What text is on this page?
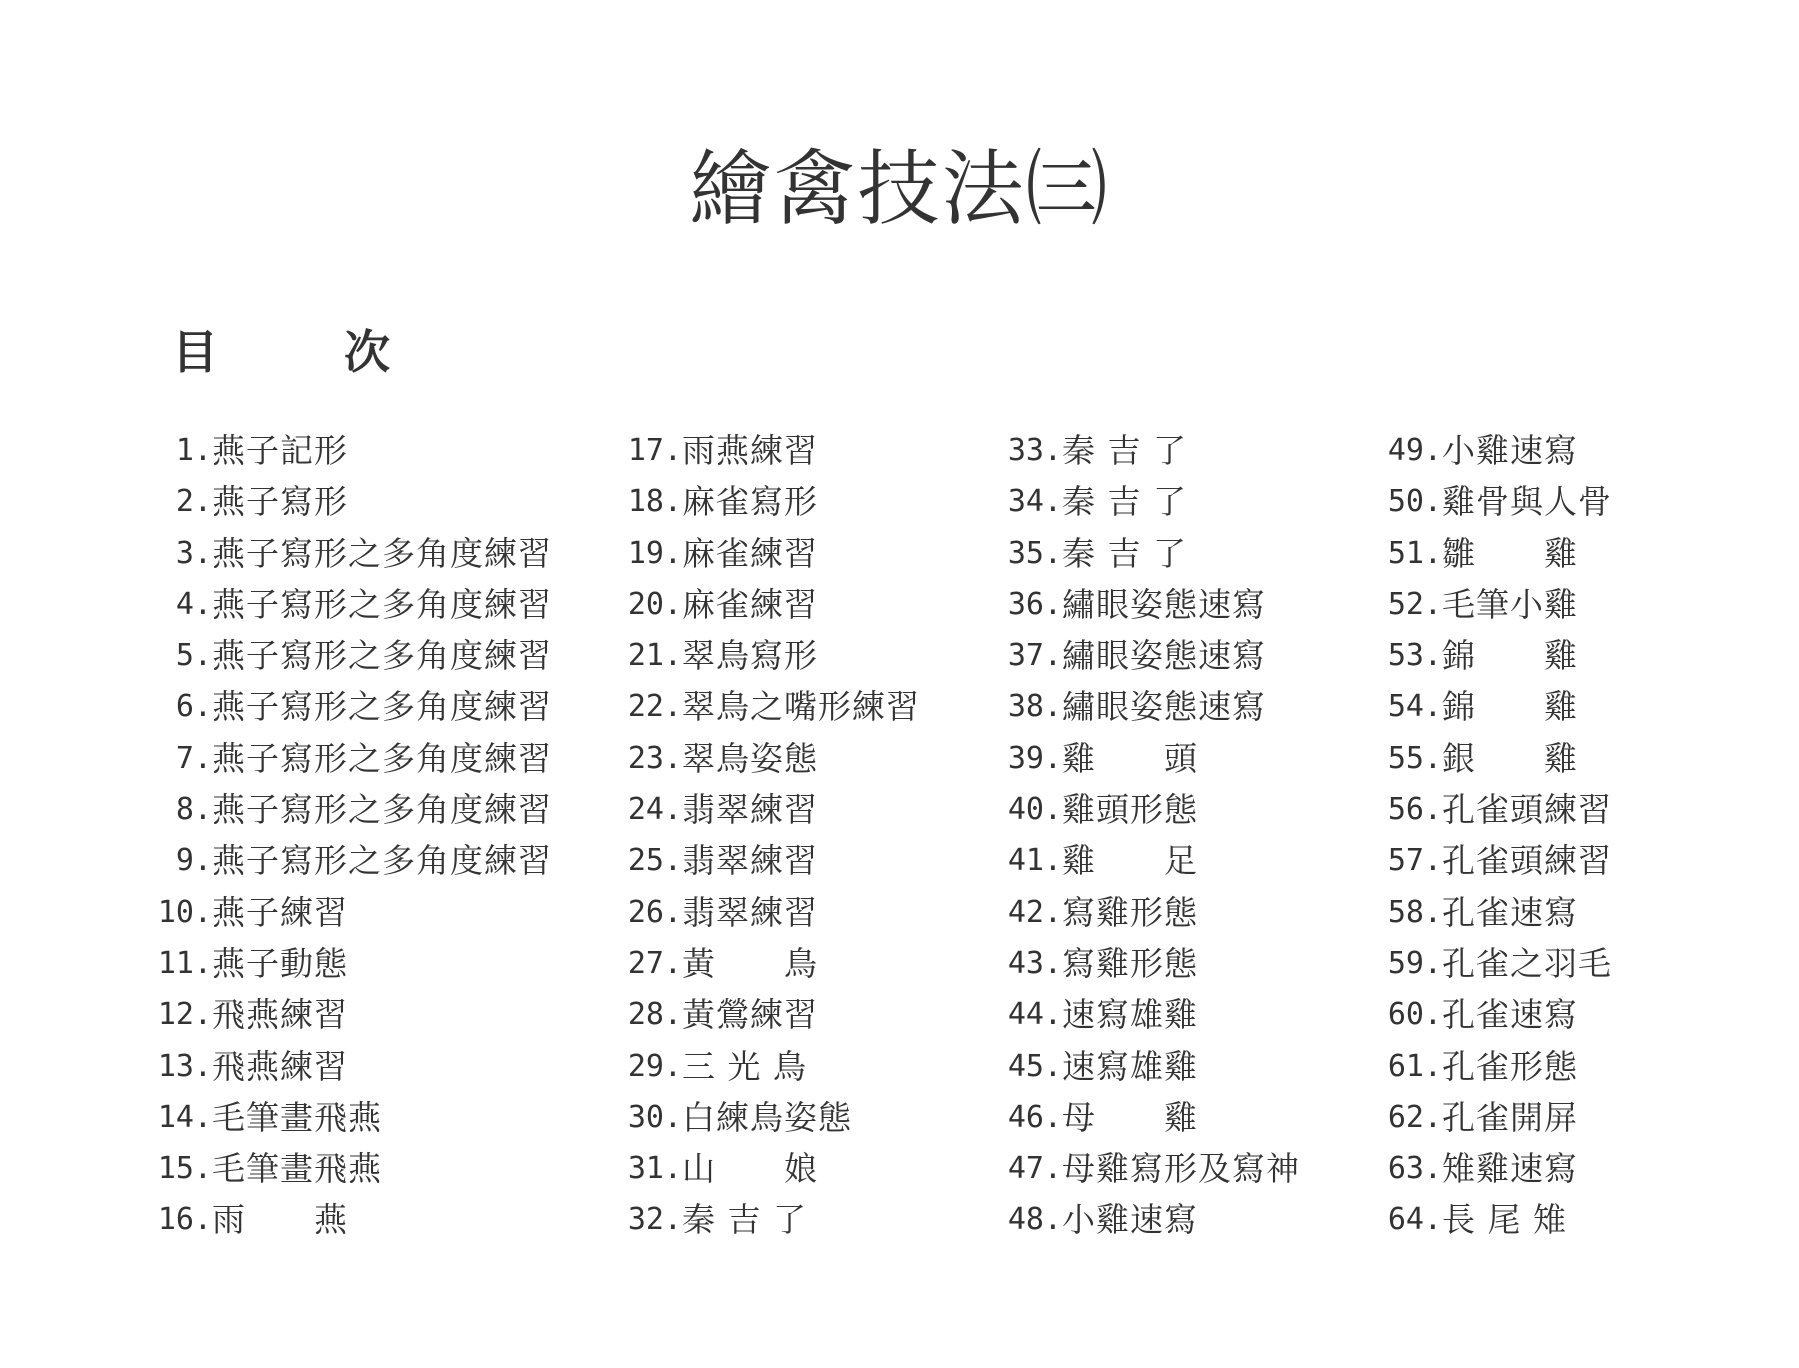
繪禽技法㈢
目　次
1. 燕子記形
2. 燕子寫形
3. 燕子寫形之多角度練習
4. 燕子寫形之多角度練習
5. 燕子寫形之多角度練習
6. 燕子寫形之多角度練習
7. 燕子寫形之多角度練習
8. 燕子寫形之多角度練習
9. 燕子寫形之多角度練習
10. 燕子練習
11. 燕子動態
12. 飛燕練習
13. 飛燕練習
14. 毛筆畫飛燕
15. 毛筆畫飛燕
16. 雨　　燕
17. 雨燕練習
18. 麻雀寫形
19. 麻雀練習
20. 麻雀練習
21. 翠鳥寫形
22. 翠鳥之嘴形練習
23. 翠鳥姿態
24. 翡翠練習
25. 翡翠練習
26. 翡翠練習
27. 黃　　鳥
28. 黃鶯練習
29. 三 光 鳥
30. 白練鳥姿態
31. 山　　娘
32. 秦 吉 了
33. 秦 吉 了
34. 秦 吉 了
35. 秦 吉 了
36. 繡眼姿態速寫
37. 繡眼姿態速寫
38. 繡眼姿態速寫
39. 雞　　頭
40. 雞頭形態
41. 雞　　足
42. 寫雞形態
43. 寫雞形態
44. 速寫雄雞
45. 速寫雄雞
46. 母　　雞
47. 母雞寫形及寫神
48. 小雞速寫
49. 小雞速寫
50. 雞骨與人骨
51. 雛　　雞
52. 毛筆小雞
53. 錦　　雞
54. 錦　　雞
55. 銀　　雞
56. 孔雀頭練習
57. 孔雀頭練習
58. 孔雀速寫
59. 孔雀之羽毛
60. 孔雀速寫
61. 孔雀形態
62. 孔雀開屏
63. 雉雞速寫
64. 長 尾 雉
